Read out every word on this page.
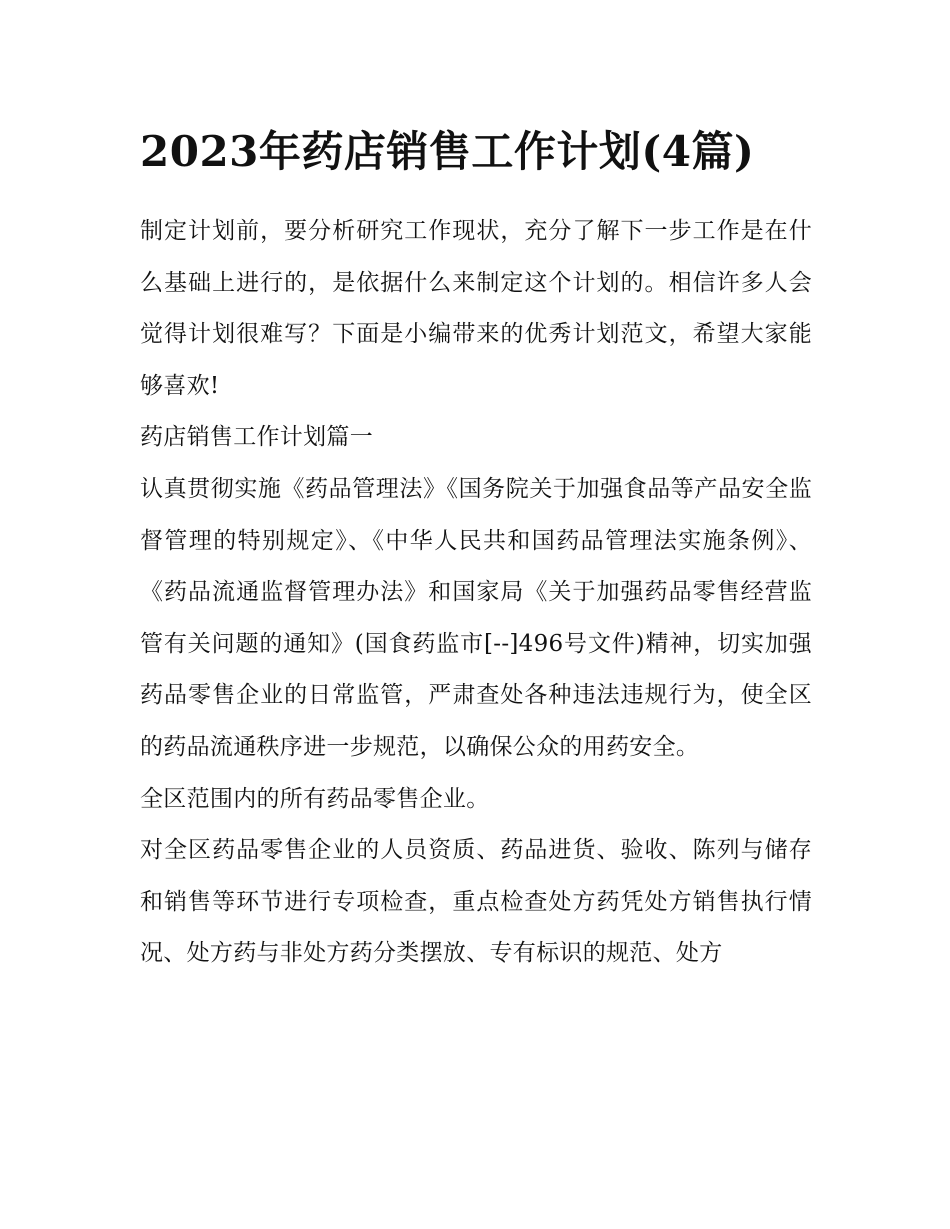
2023年药店销售工作计划(4篇)

制定计划前，要分析研究工作现状，充分了解下一步工作是在什么基础上进行的，是依据什么来制定这个计划的。相信许多人会觉得计划很难写？下面是小编带来的优秀计划范文，希望大家能够喜欢!

药店销售工作计划篇一

认真贯彻实施《药品管理法》《国务院关于加强食品等产品安全监督管理的特别规定》、《中华人民共和国药品管理法实施条例》、《药品流通监督管理办法》和国家局《关于加强药品零售经营监管有关问题的通知》(国食药监市[--]496号文件)精神，切实加强药品零售企业的日常监管，严肃查处各种违法违规行为，使全区的药品流通秩序进一步规范，以确保公众的用药安全。

全区范围内的所有药品零售企业。

对全区药品零售企业的人员资质、药品进货、验收、陈列与储存和销售等环节进行专项检查，重点检查处方药凭处方销售执行情况、处方药与非处方药分类摆放、专有标识的规范、处方
